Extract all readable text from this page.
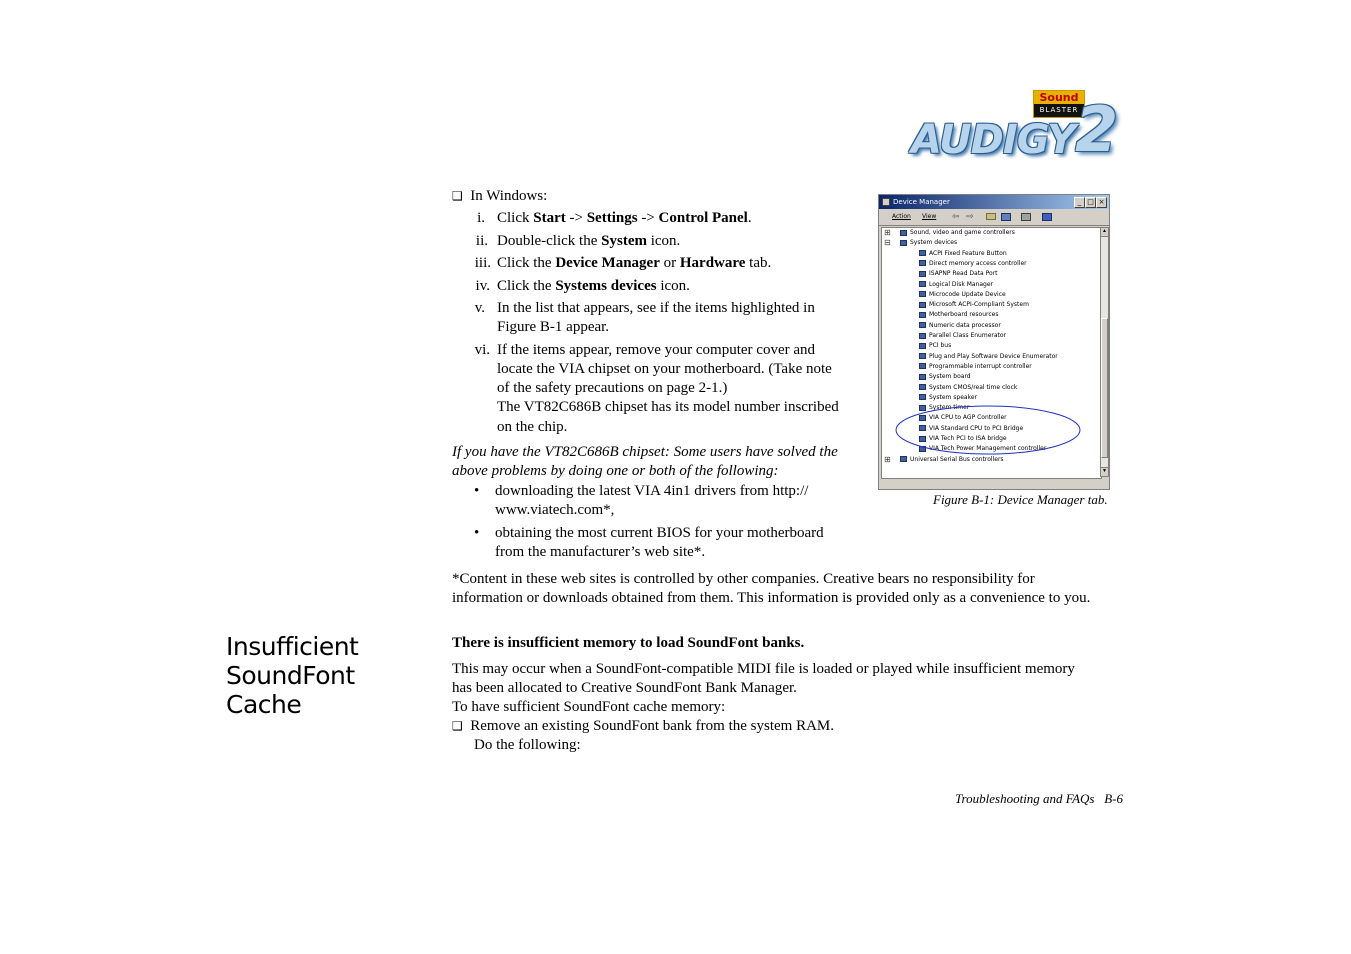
Sound
BLASTER
AUDIGY 2
❑ In Windows:
i. Click Start -> Settings -> Control Panel.
ii. Double-click the System icon.
iii. Click the Device Manager or Hardware tab.
iv. Click the Systems devices icon.
v. In the list that appears, see if the items highlighted in
Figure B-1 appear.
vi. If the items appear, remove your computer cover and
locate the VIA chipset on your motherboard. (Take note
of the safety precautions on page 2-1.)
The VT82C686B chipset has its model number inscribed
on the chip.
If you have the VT82C686B chipset: Some users have solved the
above problems by doing one or both of the following:
• downloading the latest VIA 4in1 drivers from http://
www.viatech.com*,
• obtaining the most current BIOS for your motherboard
from the manufacturer’s web site*.
*Content in these web sites is controlled by other companies. Creative bears no responsibility for
information or downloads obtained from them. This information is provided only as a convenience to you.
Device Manager	_ □ ×
Action View ⇦ ⇨
⊞	Sound, video and game controllers
⊟	System devices
ACPI Fixed Feature Button
Direct memory access controller
ISAPNP Read Data Port
Logical Disk Manager
Microcode Update Device
Microsoft ACPI-Compliant System
Motherboard resources
Numeric data processor
Parallel Class Enumerator
PCI bus
Plug and Play Software Device Enumerator
Programmable interrupt controller
System board
System CMOS/real time clock
System speaker
System timer
VIA CPU to AGP Controller
VIA Standard CPU to PCI Bridge
VIA Tech PCI to ISA bridge
VIA Tech Power Management controller
⊞	Universal Serial Bus controllers
▲
▼
Figure B-1: Device Manager tab.
Insufficient
SoundFont
Cache
There is insufficient memory to load SoundFont banks.
This may occur when a SoundFont-compatible MIDI file is loaded or played while insufficient memory
has been allocated to Creative SoundFont Bank Manager.
To have sufficient SoundFont cache memory:
❑ Remove an existing SoundFont bank from the system RAM.
Do the following:
Troubleshooting and FAQs B-6
